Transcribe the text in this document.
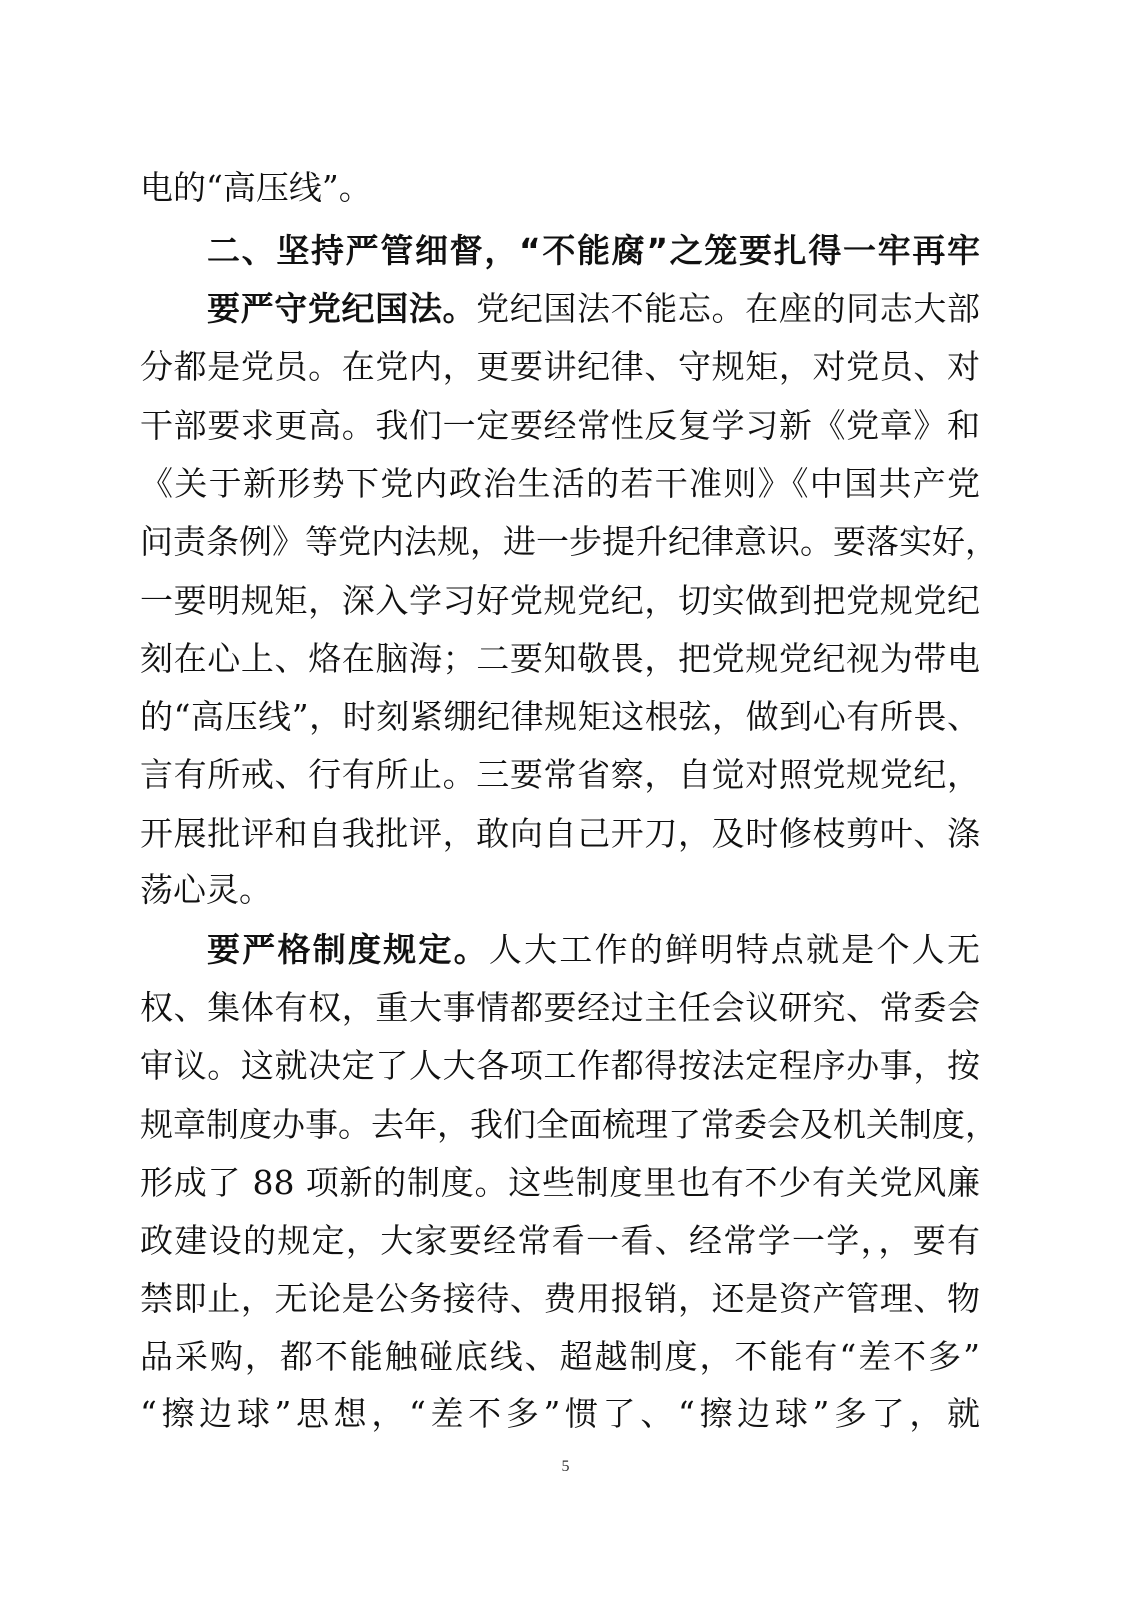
电的“高压线”。
二、坚持严管细督，“不能腐”之笼要扎得一牢再牢
要严守党纪国法。党纪国法不能忘。在座的同志大部
分都是党员。在党内，更要讲纪律、守规矩，对党员、对
干部要求更高。我们一定要经常性反复学习新《党章》和
《关于新形势下党内政治生活的若干准则》《中国共产党
问责条例》等党内法规，进一步提升纪律意识。要落实好，
一要明规矩，深入学习好党规党纪，切实做到把党规党纪
刻在心上、烙在脑海；二要知敬畏，把党规党纪视为带电
的“高压线”，时刻紧绷纪律规矩这根弦，做到心有所畏、
言有所戒、行有所止。三要常省察，自觉对照党规党纪，
开展批评和自我批评，敢向自己开刀，及时修枝剪叶、涤
荡心灵。
要严格制度规定。人大工作的鲜明特点就是个人无
权、集体有权，重大事情都要经过主任会议研究、常委会
审议。这就决定了人大各项工作都得按法定程序办事，按
规章制度办事。去年，我们全面梳理了常委会及机关制度，
形成了 88 项新的制度。这些制度里也有不少有关党风廉
政建设的规定，大家要经常看一看、经常学一学，，要有
禁即止，无论是公务接待、费用报销，还是资产管理、物
品采购，都不能触碰底线、超越制度，不能有“差不多”
“擦边球”思想，“差不多”惯了、“擦边球”多了，就
5
